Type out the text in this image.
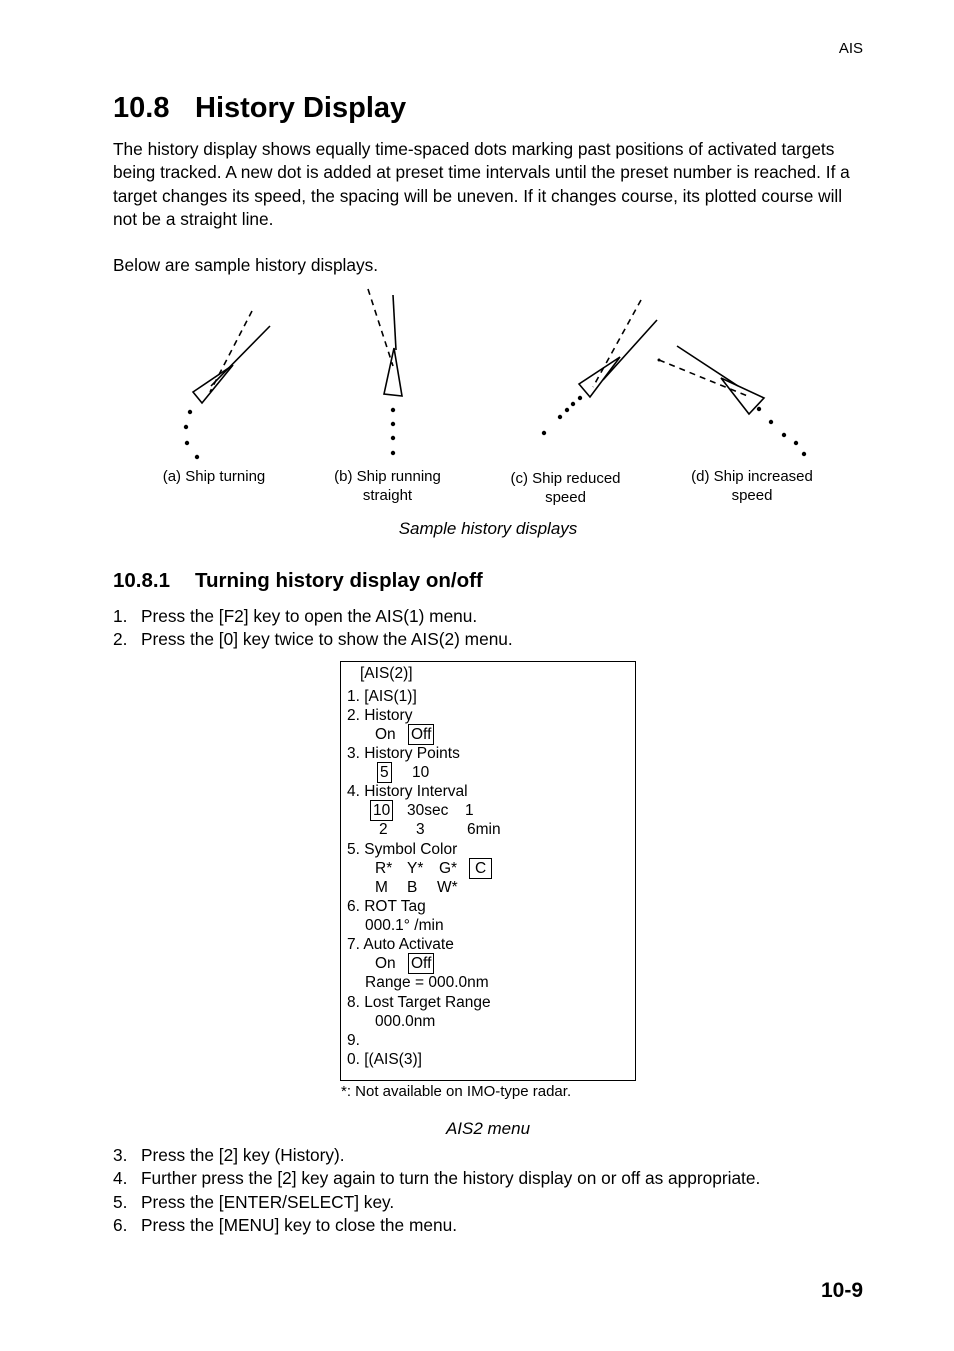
AIS
10.8 History Display
The history display shows equally time-spaced dots marking past positions of activated targets being tracked. A new dot is added at preset time intervals until the preset number is reached. If a target changes its speed, the spacing will be uneven. If it changes course, its plotted course will not be a straight line.
Below are sample history displays.
(a) Ship turning	(b) Ship running
straight
(c) Ship reduced
speed
(d) Ship increased
speed
Sample history displays
10.8.1 Turning history display on/off
1. Press the [F2] key to open the AIS(1) menu.
2. Press the [0] key twice to show the AIS(2) menu.
[AIS(2)]
1. [AIS(1)]
2. History
On Off
3. History Points
5 10
4. History Interval
10 30sec 1
2 3	6min
5. Symbol Color
R* Y* G*	C
M B W*
6. ROT Tag
000.1° /min
7. Auto Activate
On Off
Range = 000.0nm
8. Lost Target Range
000.0nm
9.
0. [(AIS(3)]
*: Not available on IMO-type radar.
AIS2 menu
3. Press the [2] key (History).
4. Further press the [2] key again to turn the history display on or off as appropriate.
5. Press the [ENTER/SELECT] key.
6. Press the [MENU] key to close the menu.
10-9
